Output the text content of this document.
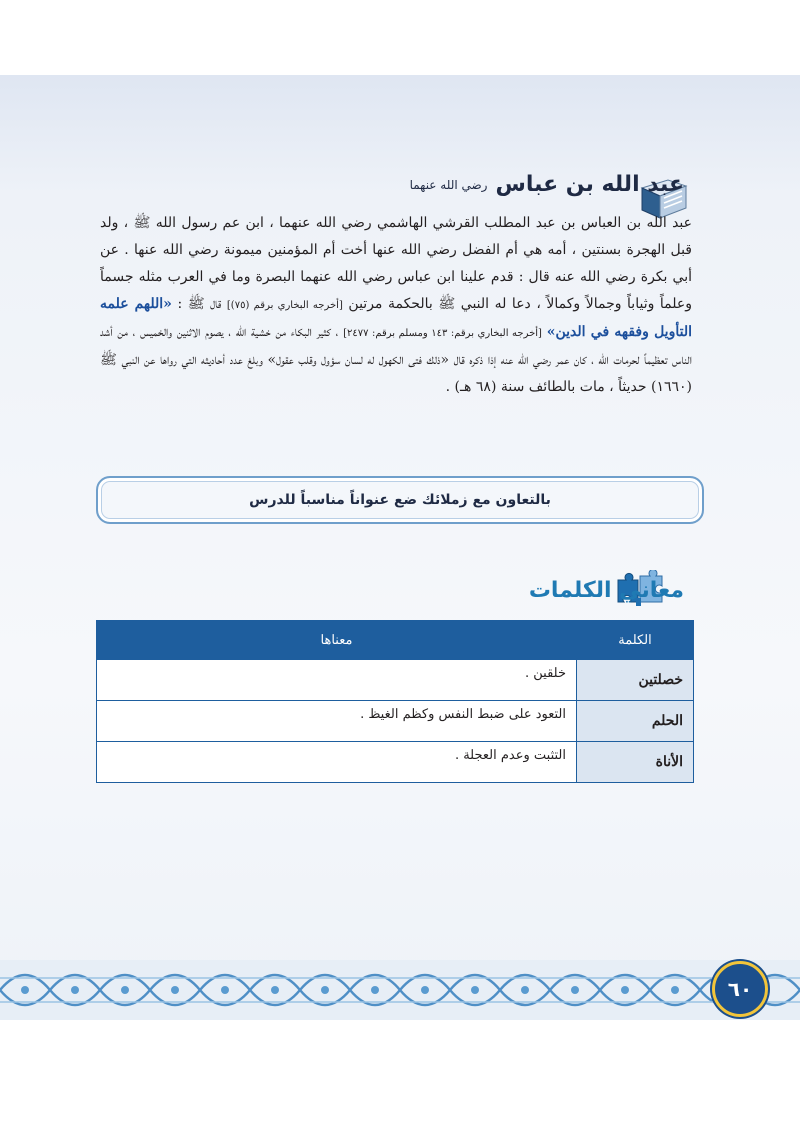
عبد الله بن عباس
رضي الله عنهما
عبد الله بن العباس بن عبد المطلب القرشي الهاشمي رضي الله عنهما ، ابن عم رسول الله ﷺ ، ولد قبل الهجرة بسنتين ، أمه هي أم الفضل رضي الله عنها أخت أم المؤمنين ميمونة رضي الله عنها . عن أبي بكرة رضي الله عنه قال : قدم علينا ابن عباس رضي الله عنهما البصرة وما في العرب مثله جسماً وعلماً وثياباً وجمالاً وكمالاً ، دعا له النبي ﷺ بالحكمة مرتين [أخرجه البخاري برقم (٧٥)] قال ﷺ : «اللهم علمه التأويل وفقهه في الدين» [أخرجه البخاري برقم: ١٤٣ ومسلم برقم: ٢٤٧٧] ، كثير البكاء من خشية الله ، يصوم الاثنين والخميس ، من أشد الناس تعظيماً لحرمات الله ، كان عمر رضي الله عنه إذا ذكره قال «ذلك فتى الكهول له لسان سؤول وقلب عقول» وبلغ عدد أحاديثه التي رواها عن النبي ﷺ (١٦٦٠) حديثاً ، مات بالطائف سنة (٦٨ هـ) .
بالتعاون مع زملائك ضع عنواناً مناسباً للدرس
معاني الكلمات
الكلمة	معناها
خصلتين	خلقين .
الحلم	التعود على ضبط النفس وكظم الغيظ .
الأناة	التثبت وعدم العجلة .
٦٠
